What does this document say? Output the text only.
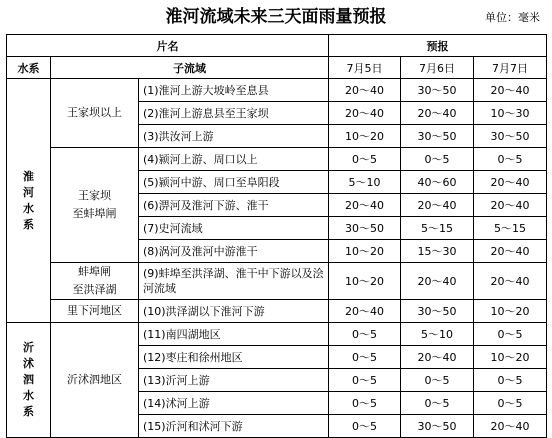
淮河流域未来三天面雨量预报	单位：毫米
片名			预报		
水系	子流域		7月5日	7月6日	7月7日

淮
河
水
系	王家坝以上	(1)淮河上游大坡岭至息县	20～40	30～50	20～40
		(2)淮河上游息县至王家坝	20～40	20～40	10～30
		(3)洪汝河上游	10～20	30～50	30～50

	王家坝
至蚌埠闸	(4)颍河上游、周口以上	0～5	0～5	0～5
		(5)颍河中游、周口至阜阳段	5～10	40～60	20～40
		(6)淠河及淮河下游、淮干	20～40	20～40	20～40
		(7)史河流域	30～50	5～15	5～15
		(8)涡河及淮河中游淮干	10～20	15～30	20～40

	蚌埠闸
至洪泽湖	(9)蚌埠至洪泽湖、淮干中下游以及浍河流域	10～20	20～40	20～40
	里下河地区	(10)洪泽湖以下淮河下游	20～40	30～50	10～20

沂
沭
泗
水
系	沂沭泗地区	(11)南四湖地区	0～5	5～10	0～5
		(12)枣庄和徐州地区	0～5	20～40	10～20
		(13)沂河上游	0～5	0～5	0～5
		(14)沭河上游	0～5	0～5	0～5
		(15)沂河和沭河下游	0～5	30～50	20～40
